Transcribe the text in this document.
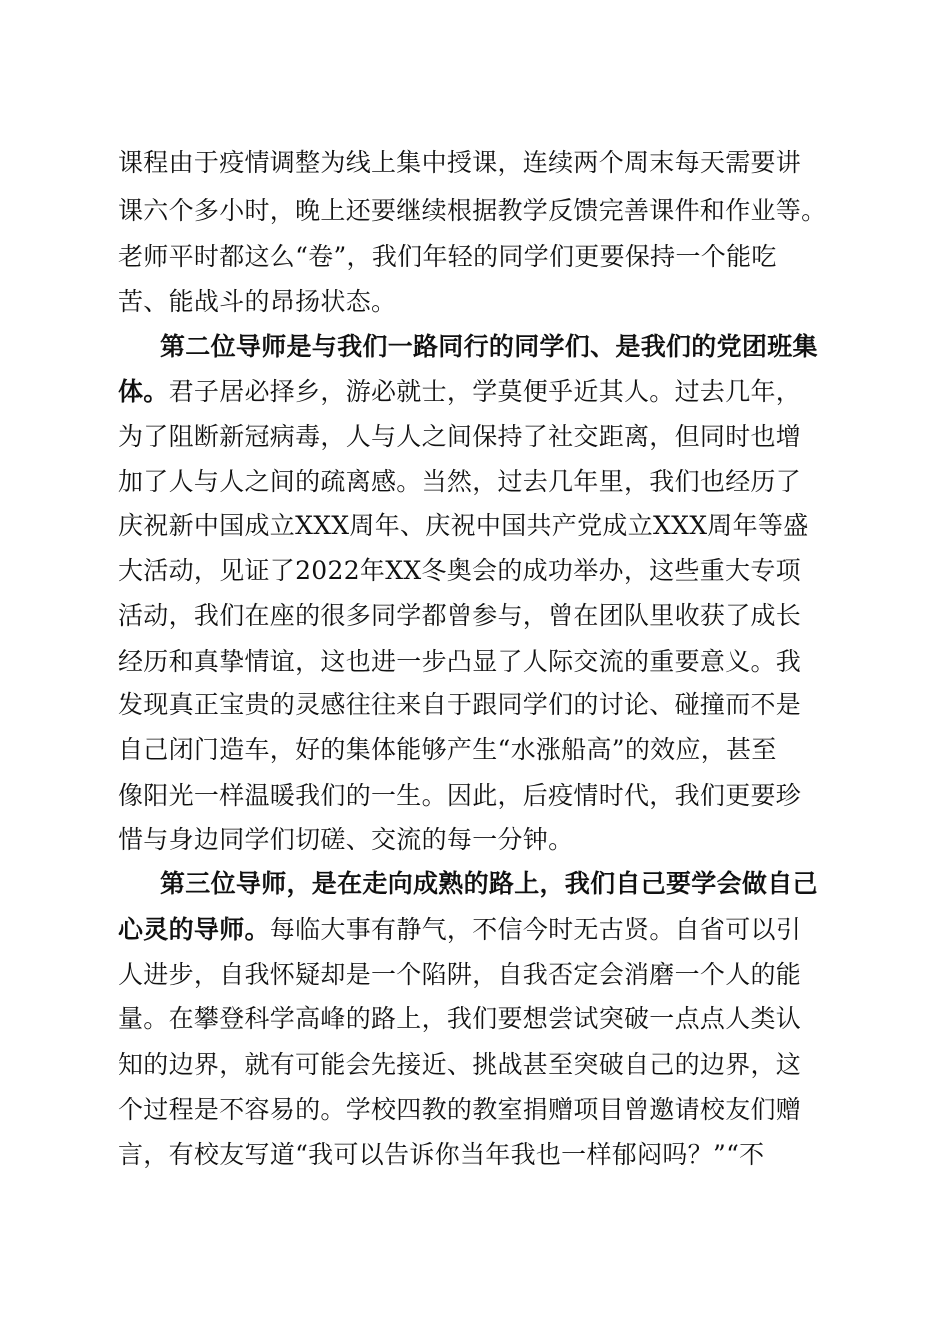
课程由于疫情调整为线上集中授课，连续两个周末每天需要讲
课六个多小时，晚上还要继续根据教学反馈完善课件和作业等。
老师平时都这么“卷”，我们年轻的同学们更要保持一个能吃
苦、能战斗的昂扬状态。
第二位导师是与我们一路同行的同学们、是我们的党团班集
体。君子居必择乡，游必就士，学莫便乎近其人。过去几年，
为了阻断新冠病毒，人与人之间保持了社交距离，但同时也增
加了人与人之间的疏离感。当然，过去几年里，我们也经历了
庆祝新中国成立XXX周年、庆祝中国共产党成立XXX周年等盛
大活动，见证了2022年XX冬奥会的成功举办，这些重大专项
活动，我们在座的很多同学都曾参与，曾在团队里收获了成长
经历和真挚情谊，这也进一步凸显了人际交流的重要意义。我
发现真正宝贵的灵感往往来自于跟同学们的讨论、碰撞而不是
自己闭门造车，好的集体能够产生“水涨船高”的效应，甚至
像阳光一样温暖我们的一生。因此，后疫情时代，我们更要珍
惜与身边同学们切磋、交流的每一分钟。
第三位导师，是在走向成熟的路上，我们自己要学会做自己
心灵的导师。每临大事有静气，不信今时无古贤。自省可以引
人进步，自我怀疑却是一个陷阱，自我否定会消磨一个人的能
量。在攀登科学高峰的路上，我们要想尝试突破一点点人类认
知的边界，就有可能会先接近、挑战甚至突破自己的边界，这
个过程是不容易的。学校四教的教室捐赠项目曾邀请校友们赠
言，有校友写道“我可以告诉你当年我也一样郁闷吗？”“不
